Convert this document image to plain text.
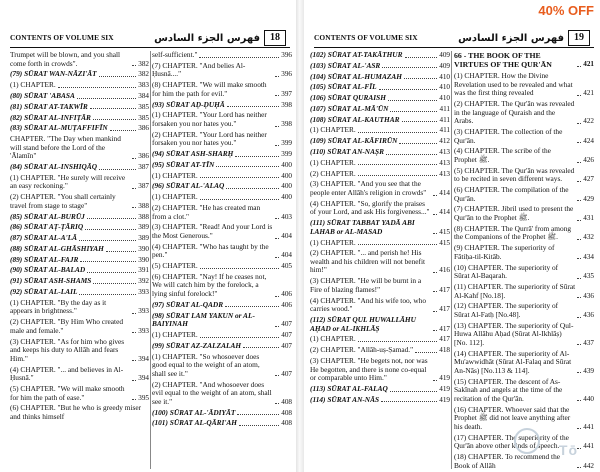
CONTENTS OF VOLUME SIX	فهرس الجزء السادس	18
Trumpet will be blown, and you shall come forth in crowds".	382
(79) SŪRAT WAN-NĀZI'ĀT	382
(1) CHAPTER.	383
(80) SŪRAT 'ABASA	384
(81) SŪRAT AT-TAKWĪR	385
(82) SŪRAT AL-INFIṬĀR	385
(83) SŪRAT AL-MUṬAFFIFĪN	386
CHAPTER. "The Day when mankind will stand before the Lord of the 'Ālamīn"	386
(84) SŪRAT AL-INSHIQĀQ	387
(1) CHAPTER. "He surely will receive an easy reckoning."	387
(2) CHAPTER. "You shall certainly travel from stage to stage"	388
(85) SŪRAT AL-BURŪJ	388
(86) SŪRAT AṬ-ṬĀRIQ	389
(87) SŪRAT AL-A'LĀ	389
(88) SŪRAT AL-GHĀSHIYAH	390
(89) SŪRAT AL-FAJR	390
(90) SŪRAT AL-BALAD	391
(91) SŪRAT ASH-SHAMS	392
(92) SŪRAT AL-LAIL	393
(1) CHAPTER. "By the day as it appears in brightness."	393
(2) CHAPTER. "By Him Who created male and female."	393
(3) CHAPTER. "As for him who gives and keeps his duty to Allāh and fears Him."	394
(4) CHAPTER. "... and believes in Al-Ḥusnā."	394
(5) CHAPTER. "We will make smooth for him the path of ease."	395
(6) CHAPTER. "But he who is greedy miser and thinks himself
self-sufficient."	396
(7) CHAPTER. "And belies Al-Ḥusnā...."	396
(8) CHAPTER. "We will make smooth for him the path for evil."	397
(93) SŪRAT AḌ-ḌUḤĀ	398
(1) CHAPTER. "Your Lord has neither forsaken you nor hates you."	398
(2) CHAPTER. "Your Lord has neither forsaken you nor hates you."	399
(94) SŪRAT ASH-SHARḤ	399
(95) SŪRAT AT-TĪN	400
(1) CHAPTER.	400
(96) SŪRAT AL-'ALAQ	400
(1) CHAPTER.	400
(2) CHAPTER. "He has created man from a clot."	403
(3) CHAPTER. "Read! And your Lord is the Most Generous."	404
(4) CHAPTER. "Who has taught by the pen."	404
(5) CHAPTER.	405
(6) CHAPTER. "Nay! If he ceases not, We will catch him by the forelock, a lying sinful forelock!"	406
(97) SŪRAT AL-QADR	406
(98) SŪRAT LAM YAKUN or AL-BAIYINAH	407
(1) CHAPTER.	407
(99) SŪRAT AZ-ZALZALAH	407
(1) CHAPTER. "So whosoever does good equal to the weight of an atom, shall see it."	407
(2) CHAPTER. "And whosoever does evil equal to the weight of an atom, shall see it."	408
(100) SŪRAT AL-'ĀDIYĀT	408
(101) SŪRAT AL-QĀRI'AH	408
CONTENTS OF VOLUME SIX	فهرس الجزء السادس	19
(102) SŪRAT AT-TAKĀTHUR	409
(103) SŪRAT AL-'ASR	409
(104) SŪRAT AL-HUMAZAH	410
(105) SŪRAT AL-FĪL	410
(106) SŪRAT QURAISH	410
(107) SŪRAT AL-MĀ'ŪN	411
(108) SŪRAT AL-KAUTHAR	411
(1) CHAPTER.	411
(109) SŪRAT AL-KĀFIRŪN	412
(110) SŪRAT AN-NAṢR	413
(1) CHAPTER.	413
(2) CHAPTER.	413
(3) CHAPTER. "And you see that the people enter Allāh's religion in crowds"	414
(4) CHAPTER. "So, glorify the praises of your Lord, and ask His forgiveness..." 414
(111) SŪRAT TABBAT YADĀ ABI LAHAB or AL-MASAD	415
(1) CHAPTER.	415
(2) CHAPTER. "... and perish he! His wealth and his children will not benefit him!"	416
(3) CHAPTER. "He will be burnt in a Fire of blazing flames!"	417
(4) CHAPTER. "And his wife too, who carries wood."	417
(112) SŪRAT QUL HUWALLĀHU AḤAD or AL-IKHLĀṢ	417
(1) CHAPTER.	417
(2) CHAPTER. "Allāh-uṣ-Ṣamad."	418
(3) CHAPTER. "He begets not, nor was He begotten, and there is none co-equal or comparable unto Him."	419
(113) SŪRAT AL-FALAQ	419
(114) SŪRAT AN-NĀS	419
66 - THE BOOK OF THE VIRTUES OF THE QUR'ĀN	421
(1) CHAPTER. How the Divine Revelation used to be revealed and what was the first thing revealed	421
(2) CHAPTER. The Qur'ān was revealed in the language of Quraish and the Arabs.	422
(3) CHAPTER. The collection of the Qur'ān.	424
(4) CHAPTER. The scribe of the Prophet ﷺ.	426
(5) CHAPTER. The Qur'ān was revealed to be recited in seven different ways.	427
(6) CHAPTER. The compilation of the Qur'ān.	429
(7) CHAPTER. Jibril used to present the Qur'ān to the Prophet ﷺ.	431
(8) CHAPTER. The Qurrā' from among the Companions of the Prophet ﷺ.	432
(9) CHAPTER. The superiority of Fātiḥa-til-Kitāb.	434
(10) CHAPTER. The superiority of Sūrat Al-Baqarah.	435
(11) CHAPTER. The superiority of Sūrat Al-Kahf [No.18].	436
(12) CHAPTER. The superiority of Sūrat Al-Fatḥ [No.48].	436
(13) CHAPTER. The superiority of Qul-Huwa Allāhu Aḥad (Sūrat Al-Ikhlāṣ) [No. 112].	437
(14) CHAPTER. The superiority of Al-Mu'awwidhāt (Sūrat Al-Falaq and Sūrat An-Nās) [No.113 & 114].	439
(15) CHAPTER. The descent of As-Sakīnah and angels at the time of the recitation of the Qur'ān.	440
(16) CHAPTER. Whoever said that the Prophet ﷺ did not leave anything after his death.	441
(17) CHAPTER. The superiority of the Qur'ān above other kinds of speech.	441
(18) CHAPTER. To recommend the Book of Allāh	442
40% OFF
Tō
